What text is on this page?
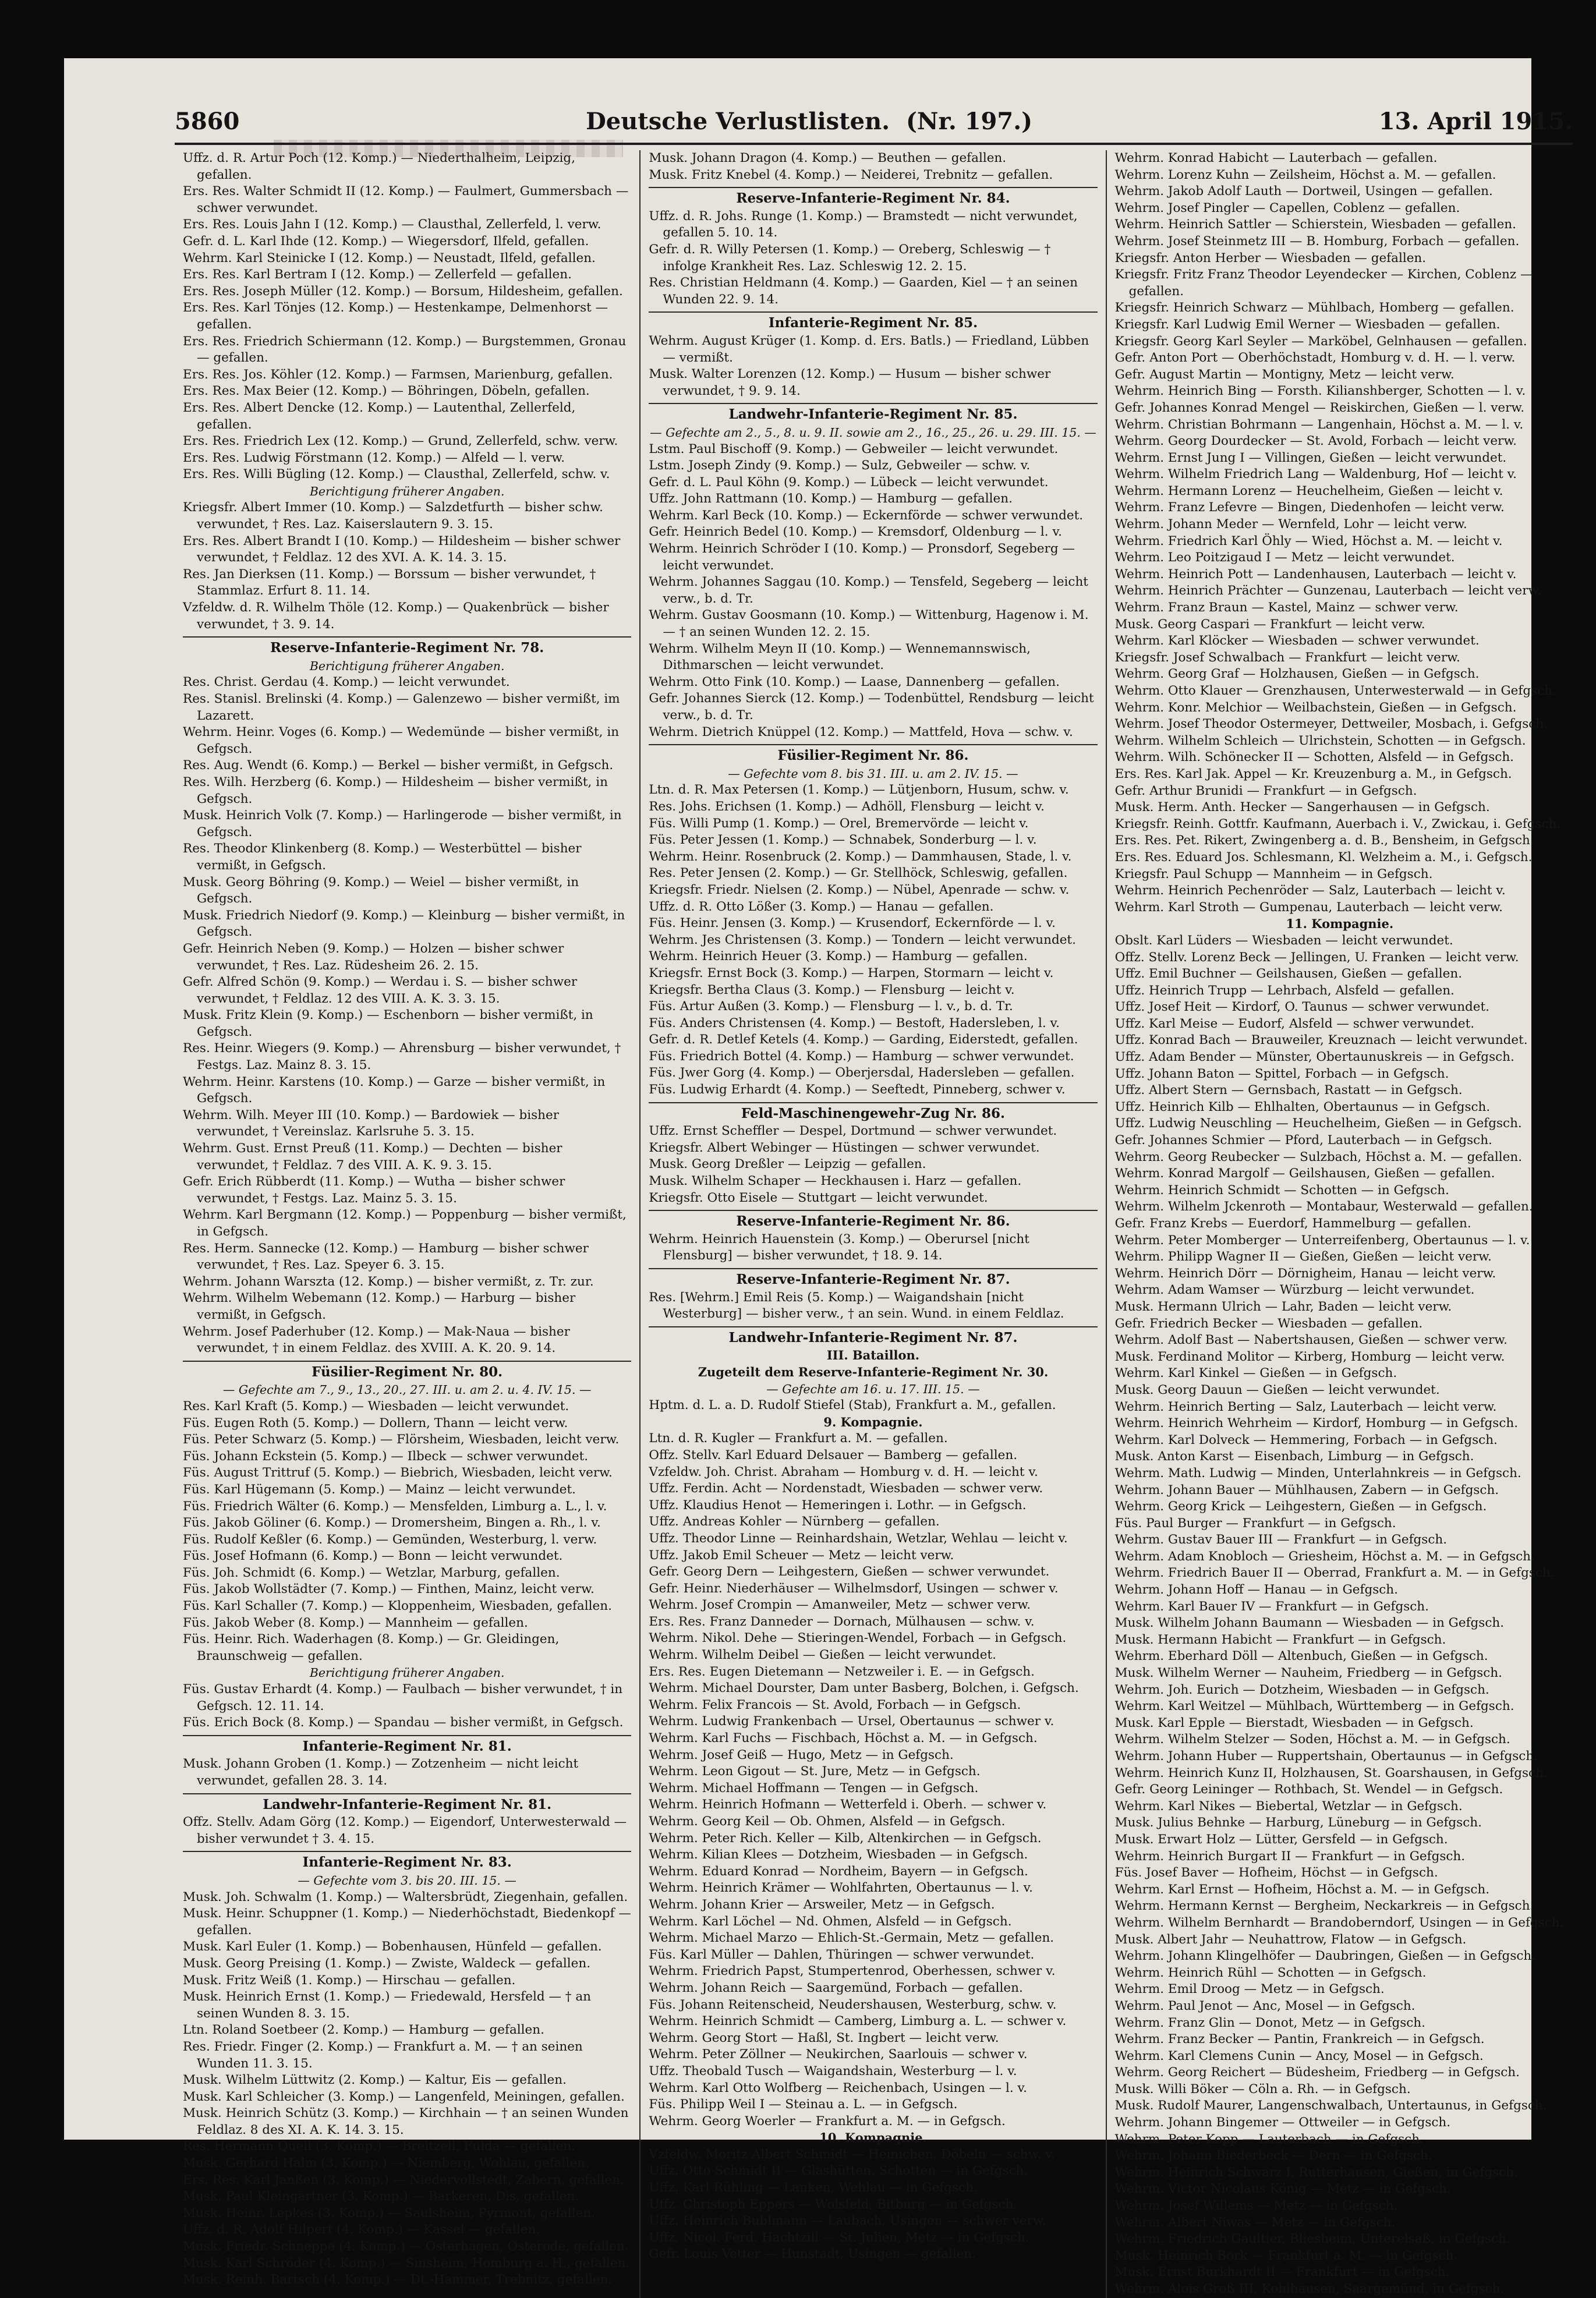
5860	Deutsche Verlustlisten. (Nr. 197.)	13. April 1915.
Uffz. d. R. Artur Poch (12. Komp.) — Niederthalheim, Leipzig, gefallen.
Ers. Res. Walter Schmidt II (12. Komp.) — Faulmert, Gummersbach — schwer verwundet.
Ers. Res. Louis Jahn I (12. Komp.) — Clausthal, Zellerfeld, l. verw.
Gefr. d. L. Karl Ihde (12. Komp.) — Wiegersdorf, Ilfeld, gefallen.
Wehrm. Karl Steinicke I (12. Komp.) — Neustadt, Ilfeld, gefallen.
Ers. Res. Karl Bertram I (12. Komp.) — Zellerfeld — gefallen.
Ers. Res. Joseph Müller (12. Komp.) — Borsum, Hildesheim, gefallen.
Ers. Res. Karl Tönjes (12. Komp.) — Hestenkampe, Delmenhorst — gefallen.
Ers. Res. Friedrich Schiermann (12. Komp.) — Burgstemmen, Gronau — gefallen.
Ers. Res. Jos. Köhler (12. Komp.) — Farmsen, Marienburg, gefallen.
Ers. Res. Max Beier (12. Komp.) — Böhringen, Döbeln, gefallen.
Ers. Res. Albert Dencke (12. Komp.) — Lautenthal, Zellerfeld, gefallen.
Ers. Res. Friedrich Lex (12. Komp.) — Grund, Zellerfeld, schw. verw.
Ers. Res. Ludwig Förstmann (12. Komp.) — Alfeld — l. verw.
Ers. Res. Willi Bügling (12. Komp.) — Clausthal, Zellerfeld, schw. v.
Berichtigung früherer Angaben.
Kriegsfr. Albert Immer (10. Komp.) — Salzdetfurth — bisher schw. verwundet, † Res. Laz. Kaiserslautern 9. 3. 15.
Ers. Res. Albert Brandt I (10. Komp.) — Hildesheim — bisher schwer verwundet, † Feldlaz. 12 des XVI. A. K. 14. 3. 15.
Res. Jan Dierksen (11. Komp.) — Borssum — bisher verwundet, † Stammlaz. Erfurt 8. 11. 14.
Vzfeldw. d. R. Wilhelm Thöle (12. Komp.) — Quakenbrück — bisher verwundet, † 3. 9. 14.
Reserve-Infanterie-Regiment Nr. 78.
Berichtigung früherer Angaben.
Res. Christ. Gerdau (4. Komp.) — leicht verwundet.
Res. Stanisl. Brelinski (4. Komp.) — Galenzewo — bisher vermißt, im Lazarett.
Wehrm. Heinr. Voges (6. Komp.) — Wedemünde — bisher vermißt, in Gefgsch.
Res. Aug. Wendt (6. Komp.) — Berkel — bisher vermißt, in Gefgsch.
Res. Wilh. Herzberg (6. Komp.) — Hildesheim — bisher vermißt, in Gefgsch.
Musk. Heinrich Volk (7. Komp.) — Harlingerode — bisher vermißt, in Gefgsch.
Res. Theodor Klinkenberg (8. Komp.) — Westerbüttel — bisher vermißt, in Gefgsch.
Musk. Georg Böhring (9. Komp.) — Weiel — bisher vermißt, in Gefgsch.
Musk. Friedrich Niedorf (9. Komp.) — Kleinburg — bisher vermißt, in Gefgsch.
Gefr. Heinrich Neben (9. Komp.) — Holzen — bisher schwer verwundet, † Res. Laz. Rüdesheim 26. 2. 15.
Gefr. Alfred Schön (9. Komp.) — Werdau i. S. — bisher schwer verwundet, † Feldlaz. 12 des VIII. A. K. 3. 3. 15.
Musk. Fritz Klein (9. Komp.) — Eschenborn — bisher vermißt, in Gefgsch.
Res. Heinr. Wiegers (9. Komp.) — Ahrensburg — bisher verwundet, † Festgs. Laz. Mainz 8. 3. 15.
Wehrm. Heinr. Karstens (10. Komp.) — Garze — bisher vermißt, in Gefgsch.
Wehrm. Wilh. Meyer III (10. Komp.) — Bardowiek — bisher verwundet, † Vereinslaz. Karlsruhe 5. 3. 15.
Wehrm. Gust. Ernst Preuß (11. Komp.) — Dechten — bisher verwundet, † Feldlaz. 7 des VIII. A. K. 9. 3. 15.
Gefr. Erich Rübberdt (11. Komp.) — Wutha — bisher schwer verwundet, † Festgs. Laz. Mainz 5. 3. 15.
Wehrm. Karl Bergmann (12. Komp.) — Poppenburg — bisher vermißt, in Gefgsch.
Res. Herm. Sannecke (12. Komp.) — Hamburg — bisher schwer verwundet, † Res. Laz. Speyer 6. 3. 15.
Wehrm. Johann Warszta (12. Komp.) — bisher vermißt, z. Tr. zur.
Wehrm. Wilhelm Webemann (12. Komp.) — Harburg — bisher vermißt, in Gefgsch.
Wehrm. Josef Paderhuber (12. Komp.) — Mak-Naua — bisher verwundet, † in einem Feldlaz. des XVIII. A. K. 20. 9. 14.
Füsilier-Regiment Nr. 80.
— Gefechte am 7., 9., 13., 20., 27. III. u. am 2. u. 4. IV. 15. —
Res. Karl Kraft (5. Komp.) — Wiesbaden — leicht verwundet.
Füs. Eugen Roth (5. Komp.) — Dollern, Thann — leicht verw.
Füs. Peter Schwarz (5. Komp.) — Flörsheim, Wiesbaden, leicht verw.
Füs. Johann Eckstein (5. Komp.) — Ilbeck — schwer verwundet.
Füs. August Trittruf (5. Komp.) — Biebrich, Wiesbaden, leicht verw.
Füs. Karl Hügemann (5. Komp.) — Mainz — leicht verwundet.
Füs. Friedrich Wälter (6. Komp.) — Mensfelden, Limburg a. L., l. v.
Füs. Jakob Göliner (6. Komp.) — Dromersheim, Bingen a. Rh., l. v.
Füs. Rudolf Keßler (6. Komp.) — Gemünden, Westerburg, l. verw.
Füs. Josef Hofmann (6. Komp.) — Bonn — leicht verwundet.
Füs. Joh. Schmidt (6. Komp.) — Wetzlar, Marburg, gefallen.
Füs. Jakob Wollstädter (7. Komp.) — Finthen, Mainz, leicht verw.
Füs. Karl Schaller (7. Komp.) — Kloppenheim, Wiesbaden, gefallen.
Füs. Jakob Weber (8. Komp.) — Mannheim — gefallen.
Füs. Heinr. Rich. Waderhagen (8. Komp.) — Gr. Gleidingen, Braunschweig — gefallen.
Berichtigung früherer Angaben.
Füs. Gustav Erhardt (4. Komp.) — Faulbach — bisher verwundet, † in Gefgsch. 12. 11. 14.
Füs. Erich Bock (8. Komp.) — Spandau — bisher vermißt, in Gefgsch.
Infanterie-Regiment Nr. 81.
Musk. Johann Groben (1. Komp.) — Zotzenheim — nicht leicht verwundet, gefallen 28. 3. 14.
Landwehr-Infanterie-Regiment Nr. 81.
Offz. Stellv. Adam Görg (12. Komp.) — Eigendorf, Unterwesterwald — bisher verwundet † 3. 4. 15.
Infanterie-Regiment Nr. 83.
— Gefechte vom 3. bis 20. III. 15. —
Musk. Joh. Schwalm (1. Komp.) — Waltersbrüdt, Ziegenhain, gefallen.
Musk. Heinr. Schuppner (1. Komp.) — Niederhöchstadt, Biedenkopf — gefallen.
Musk. Karl Euler (1. Komp.) — Bobenhausen, Hünfeld — gefallen.
Musk. Georg Preising (1. Komp.) — Zwiste, Waldeck — gefallen.
Musk. Fritz Weiß (1. Komp.) — Hirschau — gefallen.
Musk. Heinrich Ernst (1. Komp.) — Friedewald, Hersfeld — † an seinen Wunden 8. 3. 15.
Ltn. Roland Soetbeer (2. Komp.) — Hamburg — gefallen.
Res. Friedr. Finger (2. Komp.) — Frankfurt a. M. — † an seinen Wunden 11. 3. 15.
Musk. Wilhelm Lüttwitz (2. Komp.) — Kaltur, Eis — gefallen.
Musk. Karl Schleicher (3. Komp.) — Langenfeld, Meiningen, gefallen.
Musk. Heinrich Schütz (3. Komp.) — Kirchhain — † an seinen Wunden Feldlaz. 8 des XI. A. K. 14. 3. 15.
Res. Hermann Quell (3. Komp.) — Breitzell, Fulda — gefallen.
Musk. Gerhard Halm (3. Komp.) — Niemberg, Wohlau, gefallen.
Ers. Res. Karl Janßen (3. Komp.) — Niedervollstedt, Zabern, gefallen.
Musk. Paul Kleingärtner (3. Komp.) — Barkeren, Dis, gefallen.
Musk. Heinr. Lepkes (3. Komp.) — Saulsheim, Pyrmont, gefallen.
Uffz. d. R. Adolf Hilpert (4. Komp.) — Kassel — gefallen.
Musk. Friedr. Schneppe (4. Komp.) — Osterhagen, Osterode, gefallen.
Musk. Karl Schröder (4. Komp.) — Sinsheim, Homburg a. H., gefallen.
Musk. Reinh. Bartsch (4. Komp.) — Dt.-Hammer, Trebnitz, gefallen.
Musk. Johann Dragon (4. Komp.) — Beuthen — gefallen.
Musk. Fritz Knebel (4. Komp.) — Neiderei, Trebnitz — gefallen.
Reserve-Infanterie-Regiment Nr. 84.
Uffz. d. R. Johs. Runge (1. Komp.) — Bramstedt — nicht verwundet, gefallen 5. 10. 14.
Gefr. d. R. Willy Petersen (1. Komp.) — Oreberg, Schleswig — † infolge Krankheit Res. Laz. Schleswig 12. 2. 15.
Res. Christian Heldmann (4. Komp.) — Gaarden, Kiel — † an seinen Wunden 22. 9. 14.
Infanterie-Regiment Nr. 85.
Wehrm. August Krüger (1. Komp. d. Ers. Batls.) — Friedland, Lübben — vermißt.
Musk. Walter Lorenzen (12. Komp.) — Husum — bisher schwer verwundet, † 9. 9. 14.
Landwehr-Infanterie-Regiment Nr. 85.
— Gefechte am 2., 5., 8. u. 9. II. sowie am 2., 16., 25., 26. u. 29. III. 15. —
Lstm. Paul Bischoff (9. Komp.) — Gebweiler — leicht verwundet.
Lstm. Joseph Zindy (9. Komp.) — Sulz, Gebweiler — schw. v.
Gefr. d. L. Paul Köhn (9. Komp.) — Lübeck — leicht verwundet.
Uffz. John Rattmann (10. Komp.) — Hamburg — gefallen.
Wehrm. Karl Beck (10. Komp.) — Eckernförde — schwer verwundet.
Gefr. Heinrich Bedel (10. Komp.) — Kremsdorf, Oldenburg — l. v.
Wehrm. Heinrich Schröder I (10. Komp.) — Pronsdorf, Segeberg — leicht verwundet.
Wehrm. Johannes Saggau (10. Komp.) — Tensfeld, Segeberg — leicht verw., b. d. Tr.
Wehrm. Gustav Goosmann (10. Komp.) — Wittenburg, Hagenow i. M. — † an seinen Wunden 12. 2. 15.
Wehrm. Wilhelm Meyn II (10. Komp.) — Wennemannswisch, Dithmarschen — leicht verwundet.
Wehrm. Otto Fink (10. Komp.) — Laase, Dannenberg — gefallen.
Gefr. Johannes Sierck (12. Komp.) — Todenbüttel, Rendsburg — leicht verw., b. d. Tr.
Wehrm. Dietrich Knüppel (12. Komp.) — Mattfeld, Hova — schw. v.
Füsilier-Regiment Nr. 86.
— Gefechte vom 8. bis 31. III. u. am 2. IV. 15. —
Ltn. d. R. Max Petersen (1. Komp.) — Lütjenborn, Husum, schw. v.
Res. Johs. Erichsen (1. Komp.) — Adhöll, Flensburg — leicht v.
Füs. Willi Pump (1. Komp.) — Orel, Bremervörde — leicht v.
Füs. Peter Jessen (1. Komp.) — Schnabek, Sonderburg — l. v.
Wehrm. Heinr. Rosenbruck (2. Komp.) — Dammhausen, Stade, l. v.
Res. Peter Jensen (2. Komp.) — Gr. Stellhöck, Schleswig, gefallen.
Kriegsfr. Friedr. Nielsen (2. Komp.) — Nübel, Apenrade — schw. v.
Uffz. d. R. Otto Lößer (3. Komp.) — Hanau — gefallen.
Füs. Heinr. Jensen (3. Komp.) — Krusendorf, Eckernförde — l. v.
Wehrm. Jes Christensen (3. Komp.) — Tondern — leicht verwundet.
Wehrm. Heinrich Heuer (3. Komp.) — Hamburg — gefallen.
Kriegsfr. Ernst Bock (3. Komp.) — Harpen, Stormarn — leicht v.
Kriegsfr. Bertha Claus (3. Komp.) — Flensburg — leicht v.
Füs. Artur Außen (3. Komp.) — Flensburg — l. v., b. d. Tr.
Füs. Anders Christensen (4. Komp.) — Bestoft, Hadersleben, l. v.
Gefr. d. R. Detlef Ketels (4. Komp.) — Garding, Eiderstedt, gefallen.
Füs. Friedrich Bottel (4. Komp.) — Hamburg — schwer verwundet.
Füs. Jwer Gorg (4. Komp.) — Oberjersdal, Hadersleben — gefallen.
Füs. Ludwig Erhardt (4. Komp.) — Seeftedt, Pinneberg, schwer v.
Feld-Maschinengewehr-Zug Nr. 86.
Uffz. Ernst Scheffler — Despel, Dortmund — schwer verwundet.
Kriegsfr. Albert Webinger — Hüstingen — schwer verwundet.
Musk. Georg Dreßler — Leipzig — gefallen.
Musk. Wilhelm Schaper — Heckhausen i. Harz — gefallen.
Kriegsfr. Otto Eisele — Stuttgart — leicht verwundet.
Reserve-Infanterie-Regiment Nr. 86.
Wehrm. Heinrich Hauenstein (3. Komp.) — Oberursel [nicht Flensburg] — bisher verwundet, † 18. 9. 14.
Reserve-Infanterie-Regiment Nr. 87.
Res. [Wehrm.] Emil Reis (5. Komp.) — Waigandshain [nicht Westerburg] — bisher verw., † an sein. Wund. in einem Feldlaz.
Landwehr-Infanterie-Regiment Nr. 87.
III. Bataillon.
Zugeteilt dem Reserve-Infanterie-Regiment Nr. 30.
— Gefechte am 16. u. 17. III. 15. —
Hptm. d. L. a. D. Rudolf Stiefel (Stab), Frankfurt a. M., gefallen.
9. Kompagnie.
Ltn. d. R. Kugler — Frankfurt a. M. — gefallen.
Offz. Stellv. Karl Eduard Delsauer — Bamberg — gefallen.
Vzfeldw. Joh. Christ. Abraham — Homburg v. d. H. — leicht v.
Uffz. Ferdin. Acht — Nordenstadt, Wiesbaden — schwer verw.
Uffz. Klaudius Henot — Hemeringen i. Lothr. — in Gefgsch.
Uffz. Andreas Kohler — Nürnberg — gefallen.
Uffz. Theodor Linne — Reinhardshain, Wetzlar, Wehlau — leicht v.
Uffz. Jakob Emil Scheuer — Metz — leicht verw.
Gefr. Georg Dern — Leihgestern, Gießen — schwer verwundet.
Gefr. Heinr. Niederhäuser — Wilhelmsdorf, Usingen — schwer v.
Wehrm. Josef Crompin — Amanweiler, Metz — schwer verw.
Ers. Res. Franz Danneder — Dornach, Mülhausen — schw. v.
Wehrm. Nikol. Dehe — Stieringen-Wendel, Forbach — in Gefgsch.
Wehrm. Wilhelm Deibel — Gießen — leicht verwundet.
Ers. Res. Eugen Dietemann — Netzweiler i. E. — in Gefgsch.
Wehrm. Michael Dourster, Dam unter Basberg, Bolchen, i. Gefgsch.
Wehrm. Felix Francois — St. Avold, Forbach — in Gefgsch.
Wehrm. Ludwig Frankenbach — Ursel, Obertaunus — schwer v.
Wehrm. Karl Fuchs — Fischbach, Höchst a. M. — in Gefgsch.
Wehrm. Josef Geiß — Hugo, Metz — in Gefgsch.
Wehrm. Leon Gigout — St. Jure, Metz — in Gefgsch.
Wehrm. Michael Hoffmann — Tengen — in Gefgsch.
Wehrm. Heinrich Hofmann — Wetterfeld i. Oberh. — schwer v.
Wehrm. Georg Keil — Ob. Ohmen, Alsfeld — in Gefgsch.
Wehrm. Peter Rich. Keller — Kilb, Altenkirchen — in Gefgsch.
Wehrm. Kilian Klees — Dotzheim, Wiesbaden — in Gefgsch.
Wehrm. Eduard Konrad — Nordheim, Bayern — in Gefgsch.
Wehrm. Heinrich Krämer — Wohlfahrten, Obertaunus — l. v.
Wehrm. Johann Krier — Arsweiler, Metz — in Gefgsch.
Wehrm. Karl Löchel — Nd. Ohmen, Alsfeld — in Gefgsch.
Wehrm. Michael Marzo — Ehlich-St.-Germain, Metz — gefallen.
Füs. Karl Müller — Dahlen, Thüringen — schwer verwundet.
Wehrm. Friedrich Papst, Stumpertenrod, Oberhessen, schwer v.
Wehrm. Johann Reich — Saargemünd, Forbach — gefallen.
Füs. Johann Reitenscheid, Neudershausen, Westerburg, schw. v.
Wehrm. Heinrich Schmidt — Camberg, Limburg a. L. — schwer v.
Wehrm. Georg Stort — Haßl, St. Ingbert — leicht verw.
Wehrm. Peter Zöllner — Neukirchen, Saarlouis — schwer v.
Uffz. Theobald Tusch — Waigandshain, Westerburg — l. v.
Wehrm. Karl Otto Wolfberg — Reichenbach, Usingen — l. v.
Füs. Philipp Weil I — Steinau a. L. — in Gefgsch.
Wehrm. Georg Woerler — Frankfurt a. M. — in Gefgsch.
10. Kompagnie.
Vzfeldw. Moritz Albert Schmidt — Heinichen, Döbeln — schw. v.
Uffz. Otto Schmidt II — Glashütten, Schotten — in Gefgsch.
Uffz. Karl Rühling — Lanken, Wehlau — in Gefgsch.
Uffz. Christoph Eppers — Wolsfeld, Bitburg — in Gefgsch.
Uffz. Heinrich Bublmann — Laubach, Usingen — schwer verw.
Uffz. Nicol. Ferd. Hachtzill — St. Julien, Metz — in Gefgsch.
Gefr. Louis Vetter — Hunstadt, Usingen — gefallen.
Wehrm. Konrad Habicht — Lauterbach — gefallen.
Wehrm. Lorenz Kuhn — Zeilsheim, Höchst a. M. — gefallen.
Wehrm. Jakob Adolf Lauth — Dortweil, Usingen — gefallen.
Wehrm. Josef Pingler — Capellen, Coblenz — gefallen.
Wehrm. Heinrich Sattler — Schierstein, Wiesbaden — gefallen.
Wehrm. Josef Steinmetz III — B. Homburg, Forbach — gefallen.
Kriegsfr. Anton Herber — Wiesbaden — gefallen.
Kriegsfr. Fritz Franz Theodor Leyendecker — Kirchen, Coblenz — gefallen.
Kriegsfr. Heinrich Schwarz — Mühlbach, Homberg — gefallen.
Kriegsfr. Karl Ludwig Emil Werner — Wiesbaden — gefallen.
Kriegsfr. Georg Karl Seyler — Marköbel, Gelnhausen — gefallen.
Gefr. Anton Port — Oberhöchstadt, Homburg v. d. H. — l. verw.
Gefr. August Martin — Montigny, Metz — leicht verw.
Wehrm. Heinrich Bing — Forsth. Kilianshberger, Schotten — l. v.
Gefr. Johannes Konrad Mengel — Reiskirchen, Gießen — l. verw.
Wehrm. Christian Bohrmann — Langenhain, Höchst a. M. — l. v.
Wehrm. Georg Dourdecker — St. Avold, Forbach — leicht verw.
Wehrm. Ernst Jung I — Villingen, Gießen — leicht verwundet.
Wehrm. Wilhelm Friedrich Lang — Waldenburg, Hof — leicht v.
Wehrm. Hermann Lorenz — Heuchelheim, Gießen — leicht v.
Wehrm. Franz Lefevre — Bingen, Diedenhofen — leicht verw.
Wehrm. Johann Meder — Wernfeld, Lohr — leicht verw.
Wehrm. Friedrich Karl Öhly — Wied, Höchst a. M. — leicht v.
Wehrm. Leo Poitzigaud I — Metz — leicht verwundet.
Wehrm. Heinrich Pott — Landenhausen, Lauterbach — leicht v.
Wehrm. Heinrich Prächter — Gunzenau, Lauterbach — leicht verw.
Wehrm. Franz Braun — Kastel, Mainz — schwer verw.
Musk. Georg Caspari — Frankfurt — leicht verw.
Wehrm. Karl Klöcker — Wiesbaden — schwer verwundet.
Kriegsfr. Josef Schwalbach — Frankfurt — leicht verw.
Wehrm. Georg Graf — Holzhausen, Gießen — in Gefgsch.
Wehrm. Otto Klauer — Grenzhausen, Unterwesterwald — in Gefgsch.
Wehrm. Konr. Melchior — Weilbachstein, Gießen — in Gefgsch.
Wehrm. Josef Theodor Ostermeyer, Dettweiler, Mosbach, i. Gefgsch.
Wehrm. Wilhelm Schleich — Ulrichstein, Schotten — in Gefgsch.
Wehrm. Wilh. Schönecker II — Schotten, Alsfeld — in Gefgsch.
Ers. Res. Karl Jak. Appel — Kr. Kreuzenburg a. M., in Gefgsch.
Gefr. Arthur Brunidi — Frankfurt — in Gefgsch.
Musk. Herm. Anth. Hecker — Sangerhausen — in Gefgsch.
Kriegsfr. Reinh. Gottfr. Kaufmann, Auerbach i. V., Zwickau, i. Gefgsch.
Ers. Res. Pet. Rikert, Zwingenberg a. d. B., Bensheim, in Gefgsch.
Ers. Res. Eduard Jos. Schlesmann, Kl. Welzheim a. M., i. Gefgsch.
Kriegsfr. Paul Schupp — Mannheim — in Gefgsch.
Wehrm. Heinrich Pechenröder — Salz, Lauterbach — leicht v.
Wehrm. Karl Stroth — Gumpenau, Lauterbach — leicht verw.
11. Kompagnie.
Obslt. Karl Lüders — Wiesbaden — leicht verwundet.
Offz. Stellv. Lorenz Beck — Jellingen, U. Franken — leicht verw.
Uffz. Emil Buchner — Geilshausen, Gießen — gefallen.
Uffz. Heinrich Trupp — Lehrbach, Alsfeld — gefallen.
Uffz. Josef Heit — Kirdorf, O. Taunus — schwer verwundet.
Uffz. Karl Meise — Eudorf, Alsfeld — schwer verwundet.
Uffz. Konrad Bach — Brauweiler, Kreuznach — leicht verwundet.
Uffz. Adam Bender — Münster, Obertaunuskreis — in Gefgsch.
Uffz. Johann Baton — Spittel, Forbach — in Gefgsch.
Uffz. Albert Stern — Gernsbach, Rastatt — in Gefgsch.
Uffz. Heinrich Kilb — Ehlhalten, Obertaunus — in Gefgsch.
Uffz. Ludwig Neuschling — Heuchelheim, Gießen — in Gefgsch.
Gefr. Johannes Schmier — Pford, Lauterbach — in Gefgsch.
Wehrm. Georg Reubecker — Sulzbach, Höchst a. M. — gefallen.
Wehrm. Konrad Margolf — Geilshausen, Gießen — gefallen.
Wehrm. Heinrich Schmidt — Schotten — in Gefgsch.
Wehrm. Wilhelm Jckenroth — Montabaur, Westerwald — gefallen.
Gefr. Franz Krebs — Euerdorf, Hammelburg — gefallen.
Wehrm. Peter Momberger — Unterreifenberg, Obertaunus — l. v.
Wehrm. Philipp Wagner II — Gießen, Gießen — leicht verw.
Wehrm. Heinrich Dörr — Dörnigheim, Hanau — leicht verw.
Wehrm. Adam Wamser — Würzburg — leicht verwundet.
Musk. Hermann Ulrich — Lahr, Baden — leicht verw.
Gefr. Friedrich Becker — Wiesbaden — gefallen.
Wehrm. Adolf Bast — Nabertshausen, Gießen — schwer verw.
Musk. Ferdinand Molitor — Kirberg, Homburg — leicht verw.
Wehrm. Karl Kinkel — Gießen — in Gefgsch.
Musk. Georg Dauun — Gießen — leicht verwundet.
Wehrm. Heinrich Berting — Salz, Lauterbach — leicht verw.
Wehrm. Heinrich Wehrheim — Kirdorf, Homburg — in Gefgsch.
Wehrm. Karl Dolveck — Hemmering, Forbach — in Gefgsch.
Musk. Anton Karst — Eisenbach, Limburg — in Gefgsch.
Wehrm. Math. Ludwig — Minden, Unterlahnkreis — in Gefgsch.
Wehrm. Johann Bauer — Mühlhausen, Zabern — in Gefgsch.
Wehrm. Georg Krick — Leihgestern, Gießen — in Gefgsch.
Füs. Paul Burger — Frankfurt — in Gefgsch.
Wehrm. Gustav Bauer III — Frankfurt — in Gefgsch.
Wehrm. Adam Knobloch — Griesheim, Höchst a. M. — in Gefgsch.
Wehrm. Friedrich Bauer II — Oberrad, Frankfurt a. M. — in Gefgsch.
Wehrm. Johann Hoff — Hanau — in Gefgsch.
Wehrm. Karl Bauer IV — Frankfurt — in Gefgsch.
Musk. Wilhelm Johann Baumann — Wiesbaden — in Gefgsch.
Musk. Hermann Habicht — Frankfurt — in Gefgsch.
Wehrm. Eberhard Döll — Altenbuch, Gießen — in Gefgsch.
Musk. Wilhelm Werner — Nauheim, Friedberg — in Gefgsch.
Wehrm. Joh. Eurich — Dotzheim, Wiesbaden — in Gefgsch.
Wehrm. Karl Weitzel — Mühlbach, Württemberg — in Gefgsch.
Musk. Karl Epple — Bierstadt, Wiesbaden — in Gefgsch.
Wehrm. Wilhelm Stelzer — Soden, Höchst a. M. — in Gefgsch.
Wehrm. Johann Huber — Ruppertshain, Obertaunus — in Gefgsch.
Wehrm. Heinrich Kunz II, Holzhausen, St. Goarshausen, in Gefgsch.
Gefr. Georg Leininger — Rothbach, St. Wendel — in Gefgsch.
Wehrm. Karl Nikes — Biebertal, Wetzlar — in Gefgsch.
Musk. Julius Behnke — Harburg, Lüneburg — in Gefgsch.
Musk. Erwart Holz — Lütter, Gersfeld — in Gefgsch.
Wehrm. Heinrich Burgart II — Frankfurt — in Gefgsch.
Füs. Josef Baver — Hofheim, Höchst — in Gefgsch.
Wehrm. Karl Ernst — Hofheim, Höchst a. M. — in Gefgsch.
Wehrm. Hermann Kernst — Bergheim, Neckarkreis — in Gefgsch.
Wehrm. Wilhelm Bernhardt — Brandoberndorf, Usingen — in Gefgsch.
Musk. Albert Jahr — Neuhattrow, Flatow — in Gefgsch.
Wehrm. Johann Klingelhöfer — Daubringen, Gießen — in Gefgsch.
Wehrm. Heinrich Rühl — Schotten — in Gefgsch.
Wehrm. Emil Droog — Metz — in Gefgsch.
Wehrm. Paul Jenot — Anc, Mosel — in Gefgsch.
Wehrm. Franz Glin — Donot, Metz — in Gefgsch.
Wehrm. Franz Becker — Pantin, Frankreich — in Gefgsch.
Wehrm. Karl Clemens Cunin — Ancy, Mosel — in Gefgsch.
Wehrm. Georg Reichert — Büdesheim, Friedberg — in Gefgsch.
Musk. Willi Böker — Cöln a. Rh. — in Gefgsch.
Musk. Rudolf Maurer, Langenschwalbach, Untertaunus, in Gefgsch.
Wehrm. Johann Bingemer — Ottweiler — in Gefgsch.
Wehrm. Peter Kopp — Lauterbach — in Gefgsch.
Wehrm. Johann Biederbeck — Dern — in Gefgsch.
Wehrm. Heinrich Schwarz I, Rutterhausen, Gießen, in Gefgsch.
Wehrm. Victor Nicolaus König — Metz — in Gefgsch.
Wehrm. Josef Willems — Metz — in Gefgsch.
Wehrm. Albert Niwas — Metz — in Gefgsch.
Wehrm. Friedrich Gaultier, Bliesheim, Unterelsaß, in Gefgsch.
Musk. Heinrich Bork — Frankfurt a. M. — in Gefgsch.
Musk. Ernst Burkhardt II — Frankfurt — in Gefgsch.
Wehrm. Alois Groß III, Kohlhausen, Saargemünd, in Gefgsch.
